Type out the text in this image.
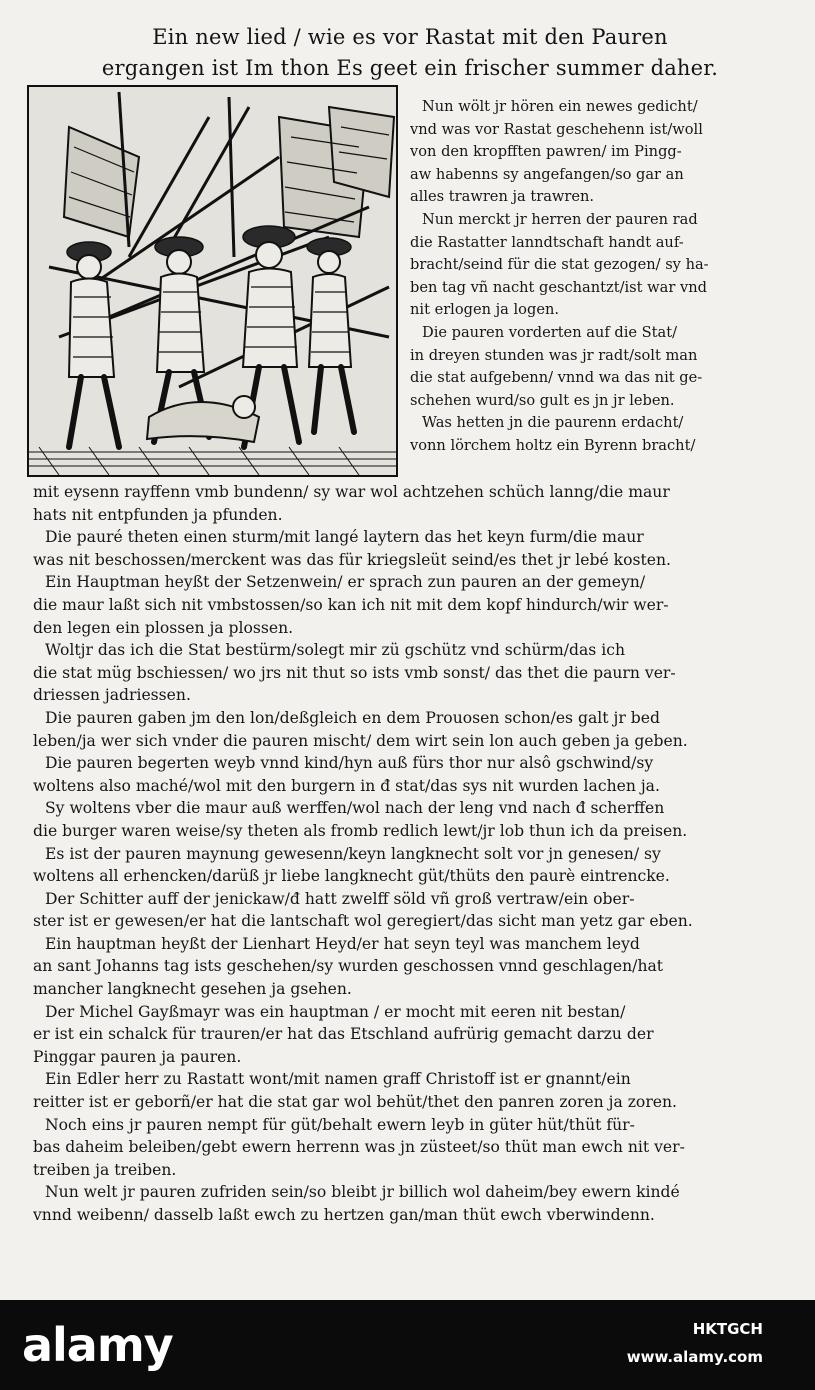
Ein new lied / wie es vor Rastat mit den Pauren
ergangen ist Im thon Es geet ein frischer summer daher.
Nun wölt jr hören ein newes gedicht/
vnd was vor Rastat geschehenn ist/woll
von den kropfften pawren/ im Pingg-
aw habenns sy angefangen/so gar an
alles trawren ja trawren.
Nun merckt jr herren der pauren rad
die Rastatter lanndtschaft handt auf-
bracht/seind für die stat gezogen/ sy ha-
ben tag vñ nacht geschantzt/ist war vnd
nit erlogen ja logen.
Die pauren vorderten auf die Stat/
in dreyen stunden was jr radt/solt man
die stat aufgebenn/ vnnd wa das nit ge-
schehen wurd/so gult es jn jr leben.
Was hetten jn die paurenn erdacht/
vonn lörchem holtz ein Byrenn bracht/
mit eysenn rayffenn vmb bundenn/ sy war wol achtzehen schüch lanng/die maur
hats nit entpfunden ja pfunden.
Die pauré theten einen sturm/mit langé laytern das het keyn furm/die maur
was nit beschossen/merckent was das für kriegsleüt seind/es thet jr lebé kosten.
Ein Hauptman heyßt der Setzenwein/ er sprach zun pauren an der gemeyn/
die maur laßt sich nit vmbstossen/so kan ich nit mit dem kopf hindurch/wir wer-
den legen ein plossen ja plossen.
Woltjr das ich die Stat bestürm/solegt mir zü gschütz vnd schürm/das ich
die stat müg bschiessen/ wo jrs nit thut so ists vmb sonst/ das thet die paurn ver-
driessen jadriessen.
Die pauren gaben jm den lon/deßgleich en dem Prouosen schon/es galt jr bed
leben/ja wer sich vnder die pauren mischt/ dem wirt sein lon auch geben ja geben.
Die pauren begerten weyb vnnd kind/hyn auß fürs thor nur alsô gschwind/sy
woltens also maché/wol mit den burgern in đ stat/das sys nit wurden lachen ja.
Sy woltens vber die maur auß werffen/wol nach der leng vnd nach đ scherffen
die burger waren weise/sy theten als fromb redlich lewt/jr lob thun ich da preisen.
Es ist der pauren maynung gewesenn/keyn langknecht solt vor jn genesen/ sy
woltens all erhencken/darüß jr liebe langknecht güt/thüts den paurè eintrencke.
Der Schitter auff der jenickaw/đ hatt zwelff söld vñ groß vertraw/ein ober-
ster ist er gewesen/er hat die lantschaft wol geregiert/das sicht man yetz gar eben.
Ein hauptman heyßt der Lienhart Heyd/er hat seyn teyl was manchem leyd
an sant Johanns tag ists geschehen/sy wurden geschossen vnnd geschlagen/hat
mancher langknecht gesehen ja gsehen.
Der Michel Gayßmayr was ein hauptman / er mocht mit eeren nit bestan/
er ist ein schalck für trauren/er hat das Etschland aufrürig gemacht darzu der
Pinggar pauren ja pauren.
Ein Edler herr zu Rastatt wont/mit namen graff Christoff ist er gnannt/ein
reitter ist er geborñ/er hat die stat gar wol behüt/thet den panren zoren ja zoren.
Noch eins jr pauren nempt für güt/behalt ewern leyb in güter hüt/thüt für-
bas daheim beleiben/gebt ewern herrenn was jn züsteet/so thüt man ewch nit ver-
treiben ja treiben.
Nun welt jr pauren zufriden sein/so bleibt jr billich wol daheim/bey ewern kindé
vnnd weibenn/ dasselb laßt ewch zu hertzen gan/man thüt ewch vberwindenn.
alamy	HKTGCH
www.alamy.com
